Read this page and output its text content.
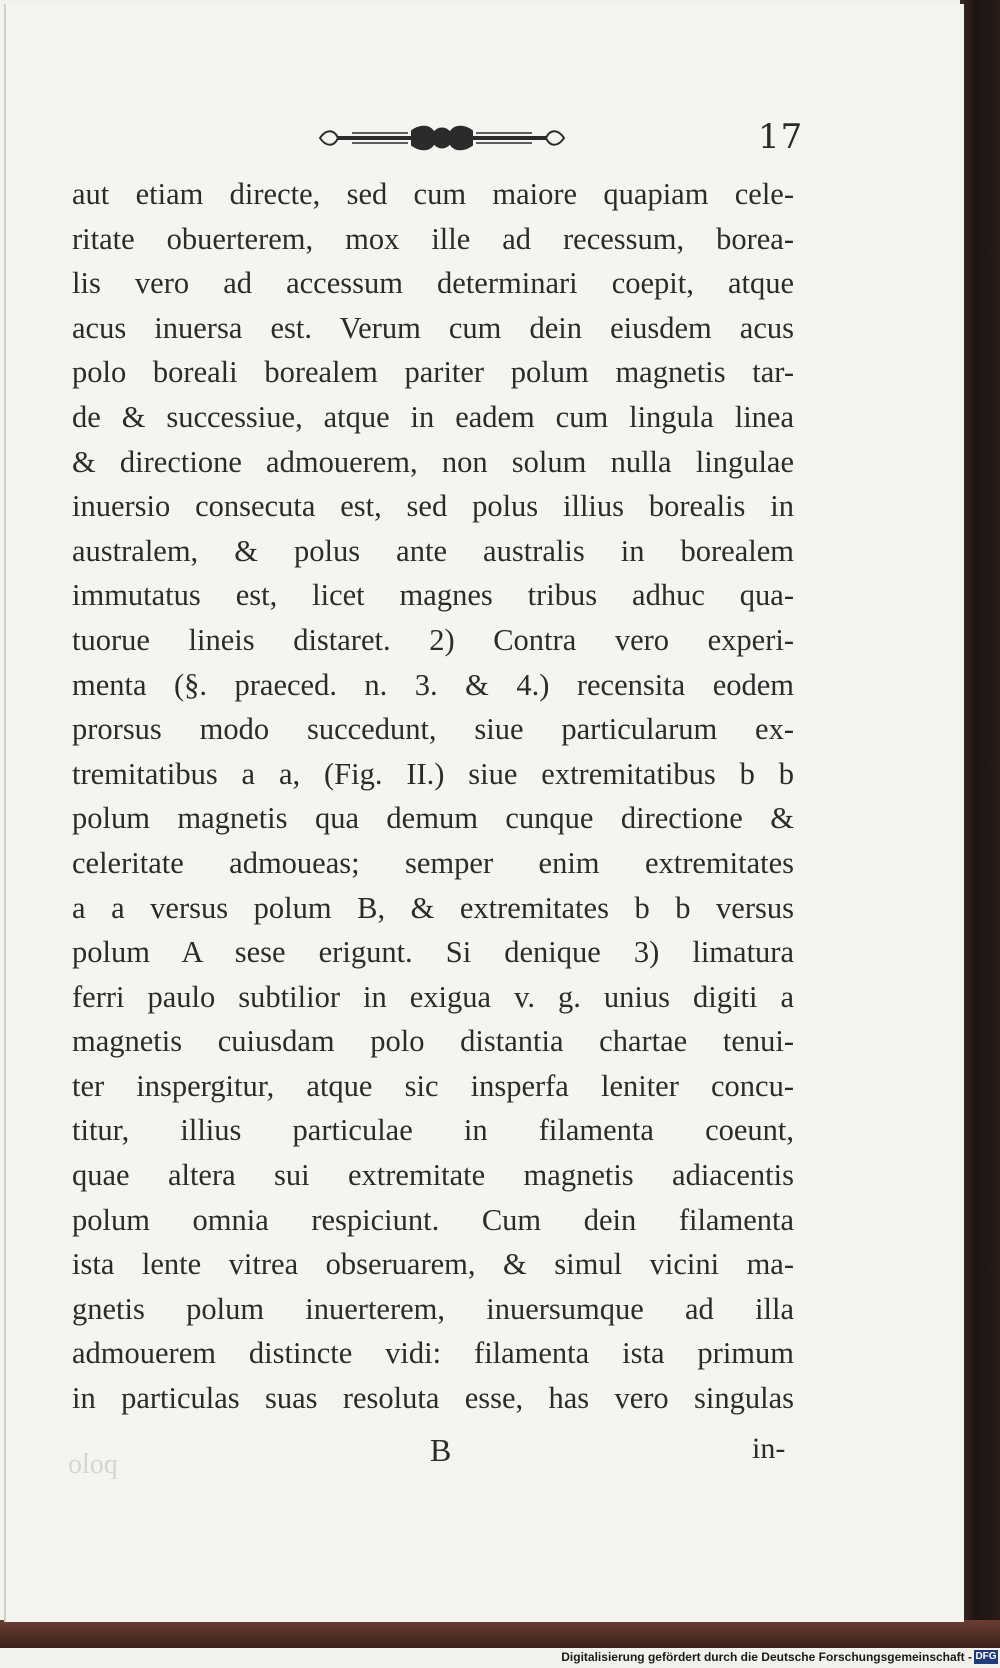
17
aut etiam directe, sed cum maiore quapiam cele-
ritate obuerterem, mox ille ad recessum, borea-
lis vero ad accessum determinari coepit, atque
acus inuersa est. Verum cum dein eiusdem acus
polo boreali borealem pariter polum magnetis tar-
de & successiue, atque in eadem cum lingula linea
& directione admouerem, non solum nulla lingulae
inuersio consecuta est, sed polus illius borealis in
australem, & polus ante australis in borealem
immutatus est, licet magnes tribus adhuc qua-
tuorue lineis distaret. 2) Contra vero experi-
menta (§. praeced. n. 3. & 4.) recensita eodem
prorsus modo succedunt, siue particularum ex-
tremitatibus a a, (Fig. II.) siue extremitatibus b b
polum magnetis qua demum cunque directione &
celeritate admoueas; semper enim extremitates
a a versus polum B, & extremitates b b versus
polum A sese erigunt. Si denique 3) limatura
ferri paulo subtilior in exigua v. g. unius digiti a
magnetis cuiusdam polo distantia chartae tenui-
ter inspergitur, atque sic insperfa leniter concu-
titur, illius particulae in filamenta coeunt,
quae altera sui extremitate magnetis adiacentis
polum omnia respiciunt. Cum dein filamenta
ista lente vitrea obseruarem, & simul vicini ma-
gnetis polum inuerterem, inuersumque ad illa
admouerem distincte vidi: filamenta ista primum
in particulas suas resoluta esse, has vero singulas
polo	B	in-
Digitalisierung gefördert durch die Deutsche Forschungsgemeinschaft - DFG
